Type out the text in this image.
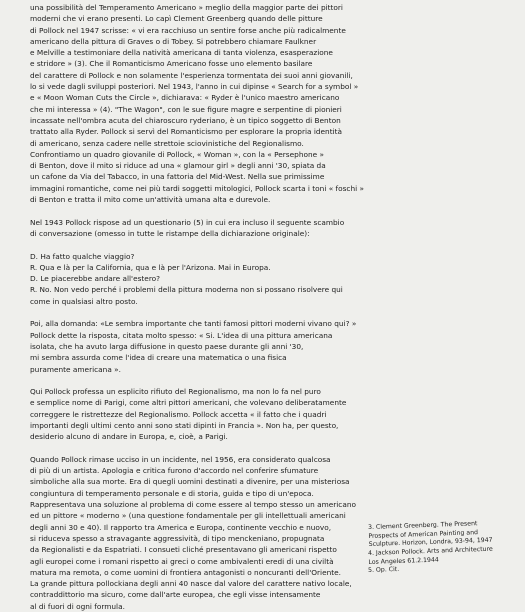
una possibilità del Temperamento Americano » meglio della maggior parte dei pittori
moderni che vi erano presenti. Lo capì Clement Greenberg quando delle pitture
di Pollock nel 1947 scrisse: « vi era racchiuso un sentire forse anche più radicalmente
americano della pittura di Graves o di Tobey. Si potrebbero chiamare Faulkner
e Melville a testimoniare della natività americana di tanta violenza, esasperazione
e stridore » (3). Che il Romanticismo Americano fosse uno elemento basilare
del carattere di Pollock e non solamente l'esperienza tormentata dei suoi anni giovanili,
lo si vede dagli sviluppi posteriori. Nel 1943, l'anno in cui dipinse « Search for a symbol »
e « Moon Woman Cuts the Circle », dichiarava: « Ryder è l'unico maestro americano
che mi interessa » (4). "The Wagon", con le sue figure magre e serpentine di pionieri
incassate nell'ombra acuta del chiaroscuro ryderiano, è un tipico soggetto di Benton
trattato alla Ryder. Pollock si servì del Romanticismo per esplorare la propria identità
di americano, senza cadere nelle strettoie sciovinistiche del Regionalismo.
Confrontiamo un quadro giovanile di Pollock, « Woman », con la « Persephone »
di Benton, dove il mito si riduce ad una « glamour girl » degli anni '30, spiata da
un cafone da Via del Tabacco, in una fattoria del Mid-West. Nella sue primissime
immagini romantiche, come nei più tardi soggetti mitologici, Pollock scarta i toni « foschi »
di Benton e tratta il mito come un'attività umana alta e durevole.

Nel 1943 Pollock rispose ad un questionario (5) in cui era incluso il seguente scambio
di conversazione (omesso in tutte le ristampe della dichiarazione originale):

D. Ha fatto qualche viaggio?

R. Qua e là per la California, qua e là per l'Arizona. Mai in Europa.

D. Le piacerebbe andare all'estero?

R. No. Non vedo perché i problemi della pittura moderna non si possano risolvere qui
come in qualsiasi altro posto.

Poi, alla domanda: «Le sembra importante che tanti famosi pittori moderni vivano qui? »
Pollock dette la risposta, citata molto spesso: « Si. L'idea di una pittura americana
isolata, che ha avuto larga diffusione in questo paese durante gli anni '30,
mi sembra assurda come l'idea di creare una matematica o una fisica
puramente americana ».

Qui Pollock professa un esplicito rifiuto del Regionalismo, ma non lo fa nel puro
e semplice nome di Parigi, come altri pittori americani, che volevano deliberatamente
correggere le ristrettezze del Regionalismo. Pollock accetta « il fatto che i quadri
importanti degli ultimi cento anni sono stati dipinti in Francia ». Non ha, per questo,
desiderio alcuno di andare in Europa, e, cioè, a Parigi.

Quando Pollock rimase ucciso in un incidente, nel 1956, era considerato qualcosa
di più di un artista. Apologia e critica furono d'accordo nel conferire sfumature
simboliche alla sua morte. Era di quegli uomini destinati a divenire, per una misteriosa
congiuntura di temperamento personale e di storia, guida e tipo di un'epoca.
Rappresentava una soluzione al problema di come essere al tempo stesso un americano
ed un pittore « moderno » (una questione fondamentale per gli intellettuali americani
degli anni 30 e 40). Il rapporto tra America e Europa, continente vecchio e nuovo,
si riduceva spesso a stravagante aggressività, di tipo menckeniano, propugnata
da Regionalisti e da Espatriati. I consueti cliché presentavano gli americani rispetto
agli europei come i romani rispetto ai greci o come ambivalenti eredi di una civiltà
matura ma remota, o come uomini di frontiera antagonisti o noncuranti dell'Oriente.
La grande pittura pollockiana degli anni 40 nasce dal valore del carattere nativo locale,
contraddittorio ma sicuro, come dall'arte europea, che egli visse intensamente
al di fuori di ogni formula.

3. Clement Greenberg. The Present
Prospects of American Painting and
Sculpture. Horizon, Londra, 93-94, 1947

4. Jackson Pollock. Arts and Architecture
Los Angeles 61.2.1944

5. Op. Cit.
